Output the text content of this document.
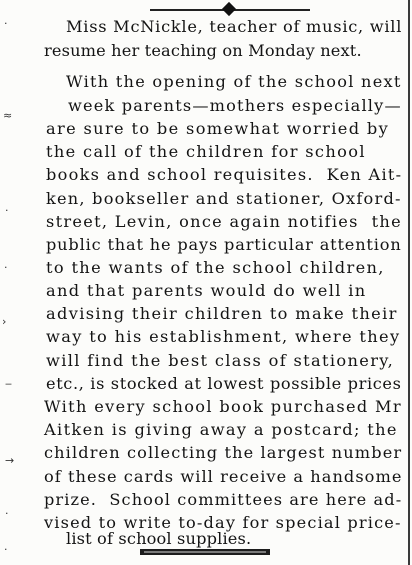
Miss McNickle, teacher of music, will
resume her teaching on Monday next.
With the opening of the school next
week parents—mothers especially—
are sure to be somewhat worried by
the call of the children for school
books and school requisites.  Ken Ait-
ken, bookseller and stationer, Oxford-
street, Levin, once again notifies  the
public that he pays particular attention
to the wants of the school children,
and that parents would do well in
advising their children to make their
way to his establishment, where they
will find the best class of stationery,
etc., is stocked at lowest possible prices
With every school book purchased Mr
Aitken is giving away a postcard; the
children collecting the largest number
of these cards will receive a handsome
prize.  School committees are here ad-
vised to write to-day for special price-
list of school supplies.
‧
≈
·
·
›
‒
→
·
·
